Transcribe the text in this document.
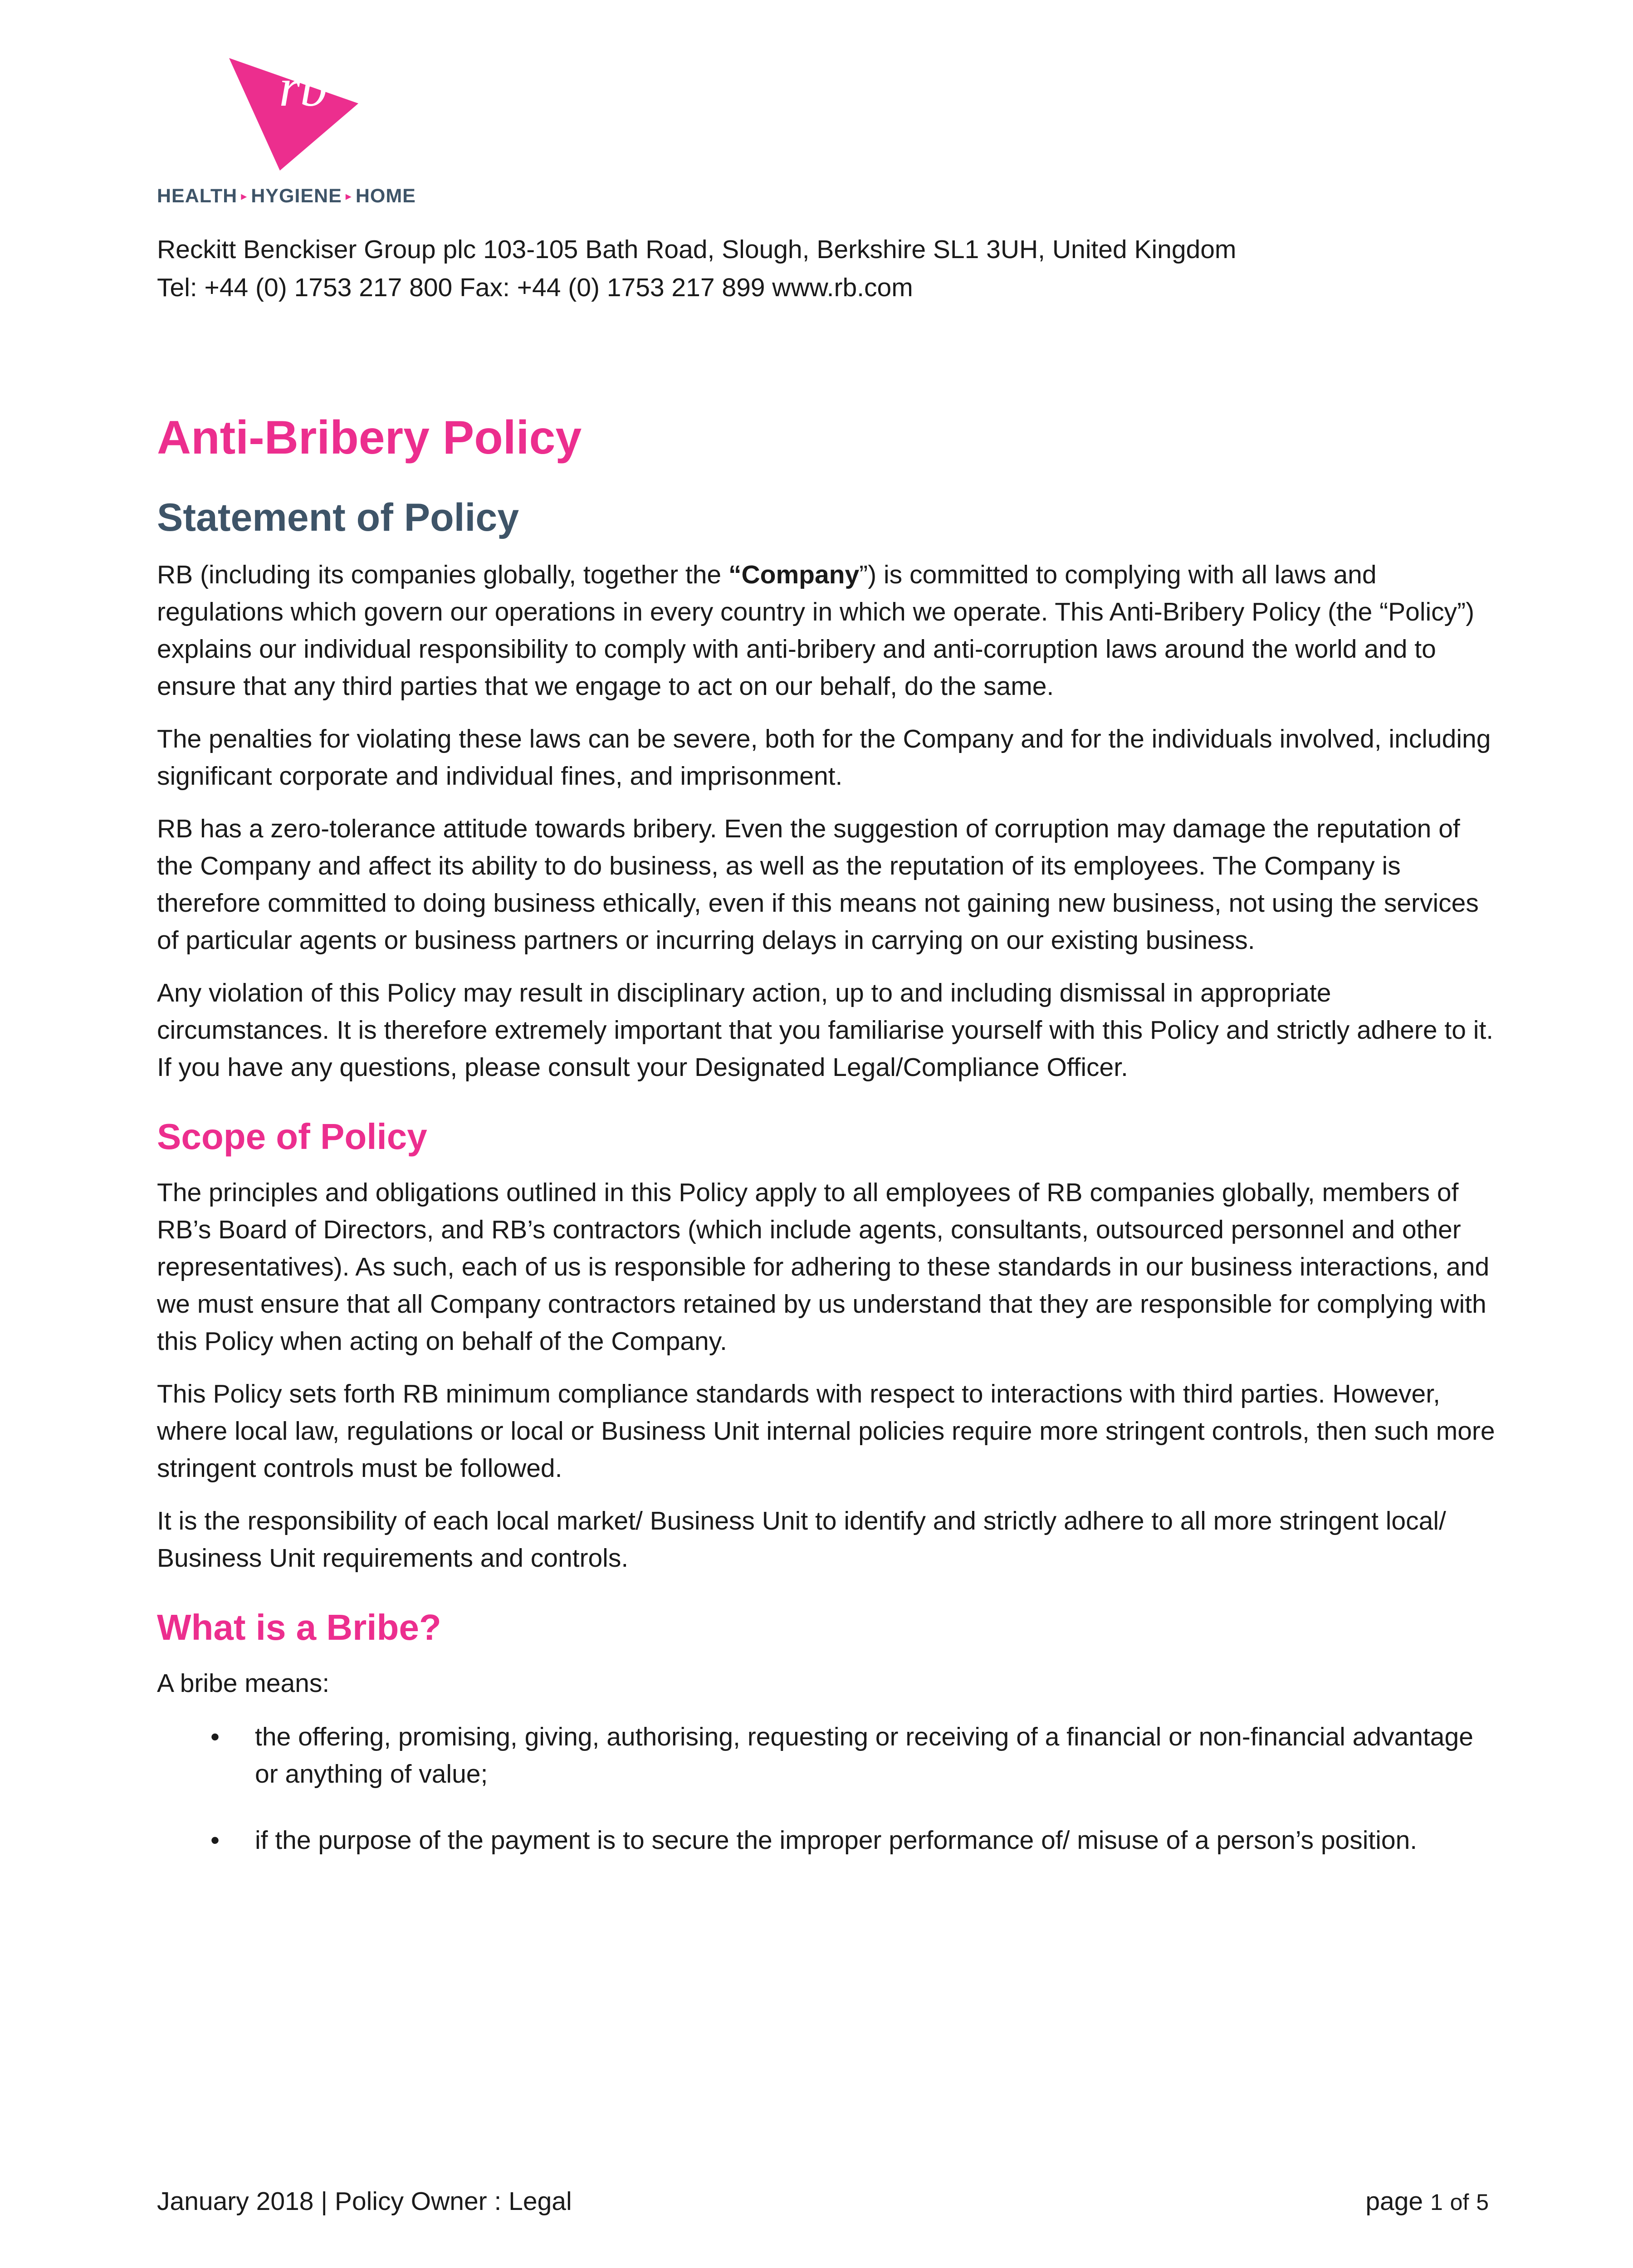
rb
HEALTH ▸ HYGIENE ▸ HOME
Reckitt Benckiser Group plc 103-105 Bath Road, Slough, Berkshire SL1 3UH, United Kingdom
Tel: +44 (0) 1753 217 800 Fax: +44 (0) 1753 217 899 www.rb.com
Anti-Bribery Policy
Statement of Policy

RB (including its companies globally, together the “Company”) is committed to complying with all laws and regulations which govern our operations in every country in which we operate. This Anti-Bribery Policy (the “Policy”) explains our individual responsibility to comply with anti-bribery and anti-corruption laws around the world and to ensure that any third parties that we engage to act on our behalf, do the same.

The penalties for violating these laws can be severe, both for the Company and for the individuals involved, including significant corporate and individual fines, and imprisonment.

RB has a zero-tolerance attitude towards bribery. Even the suggestion of corruption may damage the reputation of the Company and affect its ability to do business, as well as the reputation of its employees. The Company is therefore committed to doing business ethically, even if this means not gaining new business, not using the services of particular agents or business partners or incurring delays in carrying on our existing business.

Any violation of this Policy may result in disciplinary action, up to and including dismissal in appropriate circumstances. It is therefore extremely important that you familiarise yourself with this Policy and strictly adhere to it. If you have any questions, please consult your Designated Legal/Compliance Officer.

Scope of Policy

The principles and obligations outlined in this Policy apply to all employees of RB companies globally, members of RB’s Board of Directors, and RB’s contractors (which include agents, consultants, outsourced personnel and other representatives). As such, each of us is responsible for adhering to these standards in our business interactions, and we must ensure that all Company contractors retained by us understand that they are responsible for complying with this Policy when acting on behalf of the Company.

This Policy sets forth RB minimum compliance standards with respect to interactions with third parties. However, where local law, regulations or local or Business Unit internal policies require more stringent controls, then such more stringent controls must be followed.

It is the responsibility of each local market/ Business Unit to identify and strictly adhere to all more stringent local/ Business Unit requirements and controls.

What is a Bribe?

A bribe means:

• the offering, promising, giving, authorising, requesting or receiving of a financial or non-financial advantage or anything of value;
• if the purpose of the payment is to secure the improper performance of/ misuse of a person’s position.
January 2018 | Policy Owner : Legal	page 1 of 5
